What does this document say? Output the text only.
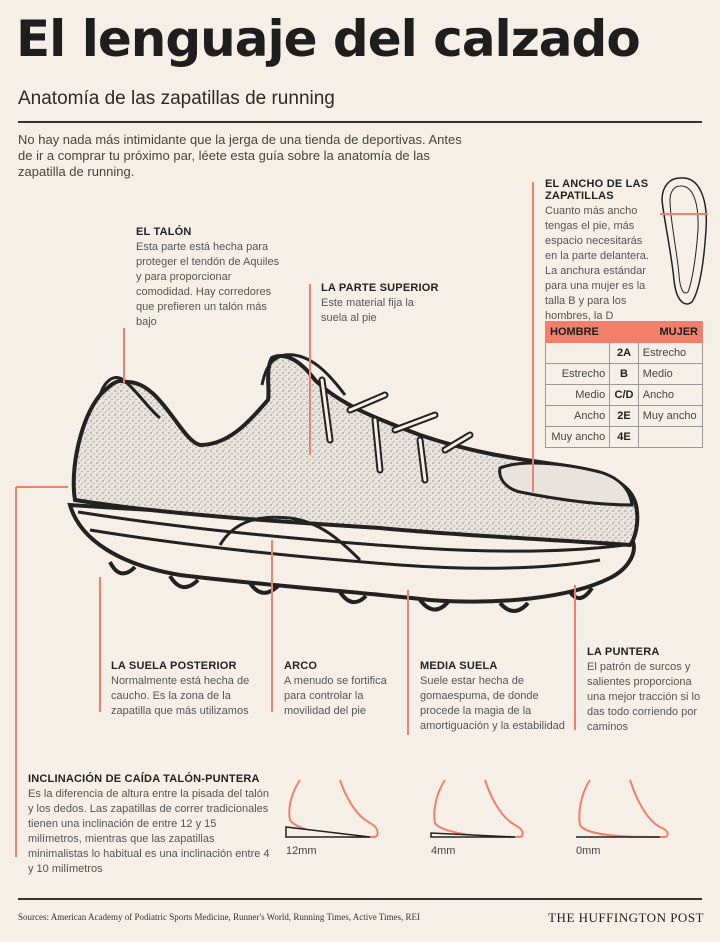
El lenguaje del calzado
Anatomía de las zapatillas de running
No hay nada más intimidante que la jerga de una tienda de deportivas. Antes de ir a comprar tu próximo par, léete esta guía sobre la anatomía de las zapatilla de running.
EL TALÓN
Esta parte está hecha para proteger el tendón de Aquiles y para proporcionar comodidad. Hay corredores que prefieren un talón más bajo
LA PARTE SUPERIOR
Este material fija la suela al pie
EL ANCHO DE LAS ZAPATILLAS
Cuanto más ancho tengas el pie, más espacio necesitarás en la parte delantera. La anchura estándar para una mujer es la talla B y para los hombres, la D
HOMBRE		MUJER
	2A	Estrecho
Estrecho	B	Medio
Medio	C/D	Ancho
Ancho	2E	Muy ancho
Muy ancho	4E	
LA SUELA POSTERIOR
Normalmente está hecha de caucho. Es la zona de la zapatilla que más utilizamos
ARCO
A menudo se fortifica para controlar la movilidad del pie
MEDIA SUELA
Suele estar hecha de gomaespuma, de donde procede la magia de la amortiguación y la estabilidad
LA PUNTERA
El patrón de surcos y salientes proporciona una mejor tracción si lo das todo corriendo por caminos
INCLINACIÓN DE CAÍDA TALÓN-PUNTERA
Es la diferencia de altura entre la pisada del talón y los dedos. Las zapatillas de correr tradicionales tienen una inclinación de entre 12 y 15 milímetros, mientras que las zapatillas minimalistas lo habitual es una inclinación entre 4 y 10 milímetros
12mm	4mm	0mm
Sources: American Academy of Podiatric Sports Medicine, Runner's World, Running Times, Active Times, REI	THE HUFFINGTON POST
